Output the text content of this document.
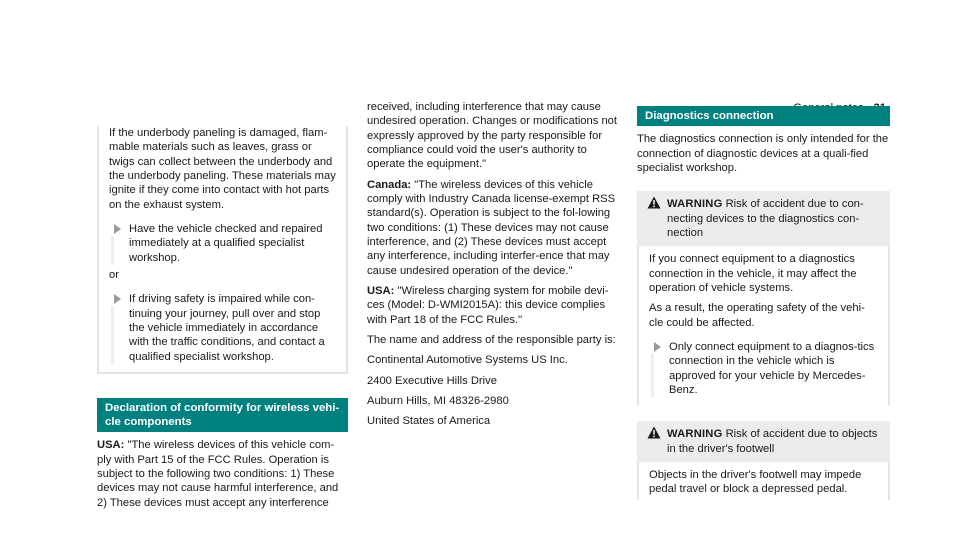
If the underbody paneling is damaged, flam-mable materials such as leaves, grass or twigs can collect between the underbody and the underbody paneling. These materials may ignite if they come into contact with hot parts on the exhaust system.

Have the vehicle checked and repaired immediately at a qualified specialist workshop.

or

If driving safety is impaired while con-tinuing your journey, pull over and stop the vehicle immediately in accordance with the traffic conditions, and contact a qualified specialist workshop.

Declaration of conformity for wireless vehi-cle components

USA: "The wireless devices of this vehicle com-ply with Part 15 of the FCC Rules. Operation is subject to the following two conditions: 1) These devices may not cause harmful interference, and 2) These devices must accept any interference

received, including interference that may cause undesired operation. Changes or modifications not expressly approved by the party responsible for compliance could void the user's authority to operate the equipment."

Canada: "The wireless devices of this vehicle comply with Industry Canada license-exempt RSS standard(s). Operation is subject to the fol-lowing two conditions: (1) These devices may not cause interference, and (2) These devices must accept any interference, including interfer-ence that may cause undesired operation of the device."

USA: "Wireless charging system for mobile devi-ces (Model: D-WMI2015A): this device complies with Part 18 of the FCC Rules."

The name and address of the responsible party is:

Continental Automotive Systems US Inc.

2400 Executive Hills Drive

Auburn Hills, MI 48326-2980

United States of America

Diagnostics connection

The diagnostics connection is only intended for the connection of diagnostic devices at a quali-fied specialist workshop.

WARNING Risk of accident due to con-necting devices to the diagnostics con-nection

If you connect equipment to a diagnostics connection in the vehicle, it may affect the operation of vehicle systems.

As a result, the operating safety of the vehi-cle could be affected.

Only connect equipment to a diagnos-tics connection in the vehicle which is approved for your vehicle by Mercedes-Benz.

WARNING Risk of accident due to objects in the driver's footwell

Objects in the driver's footwell may impede pedal travel or block a depressed pedal.
